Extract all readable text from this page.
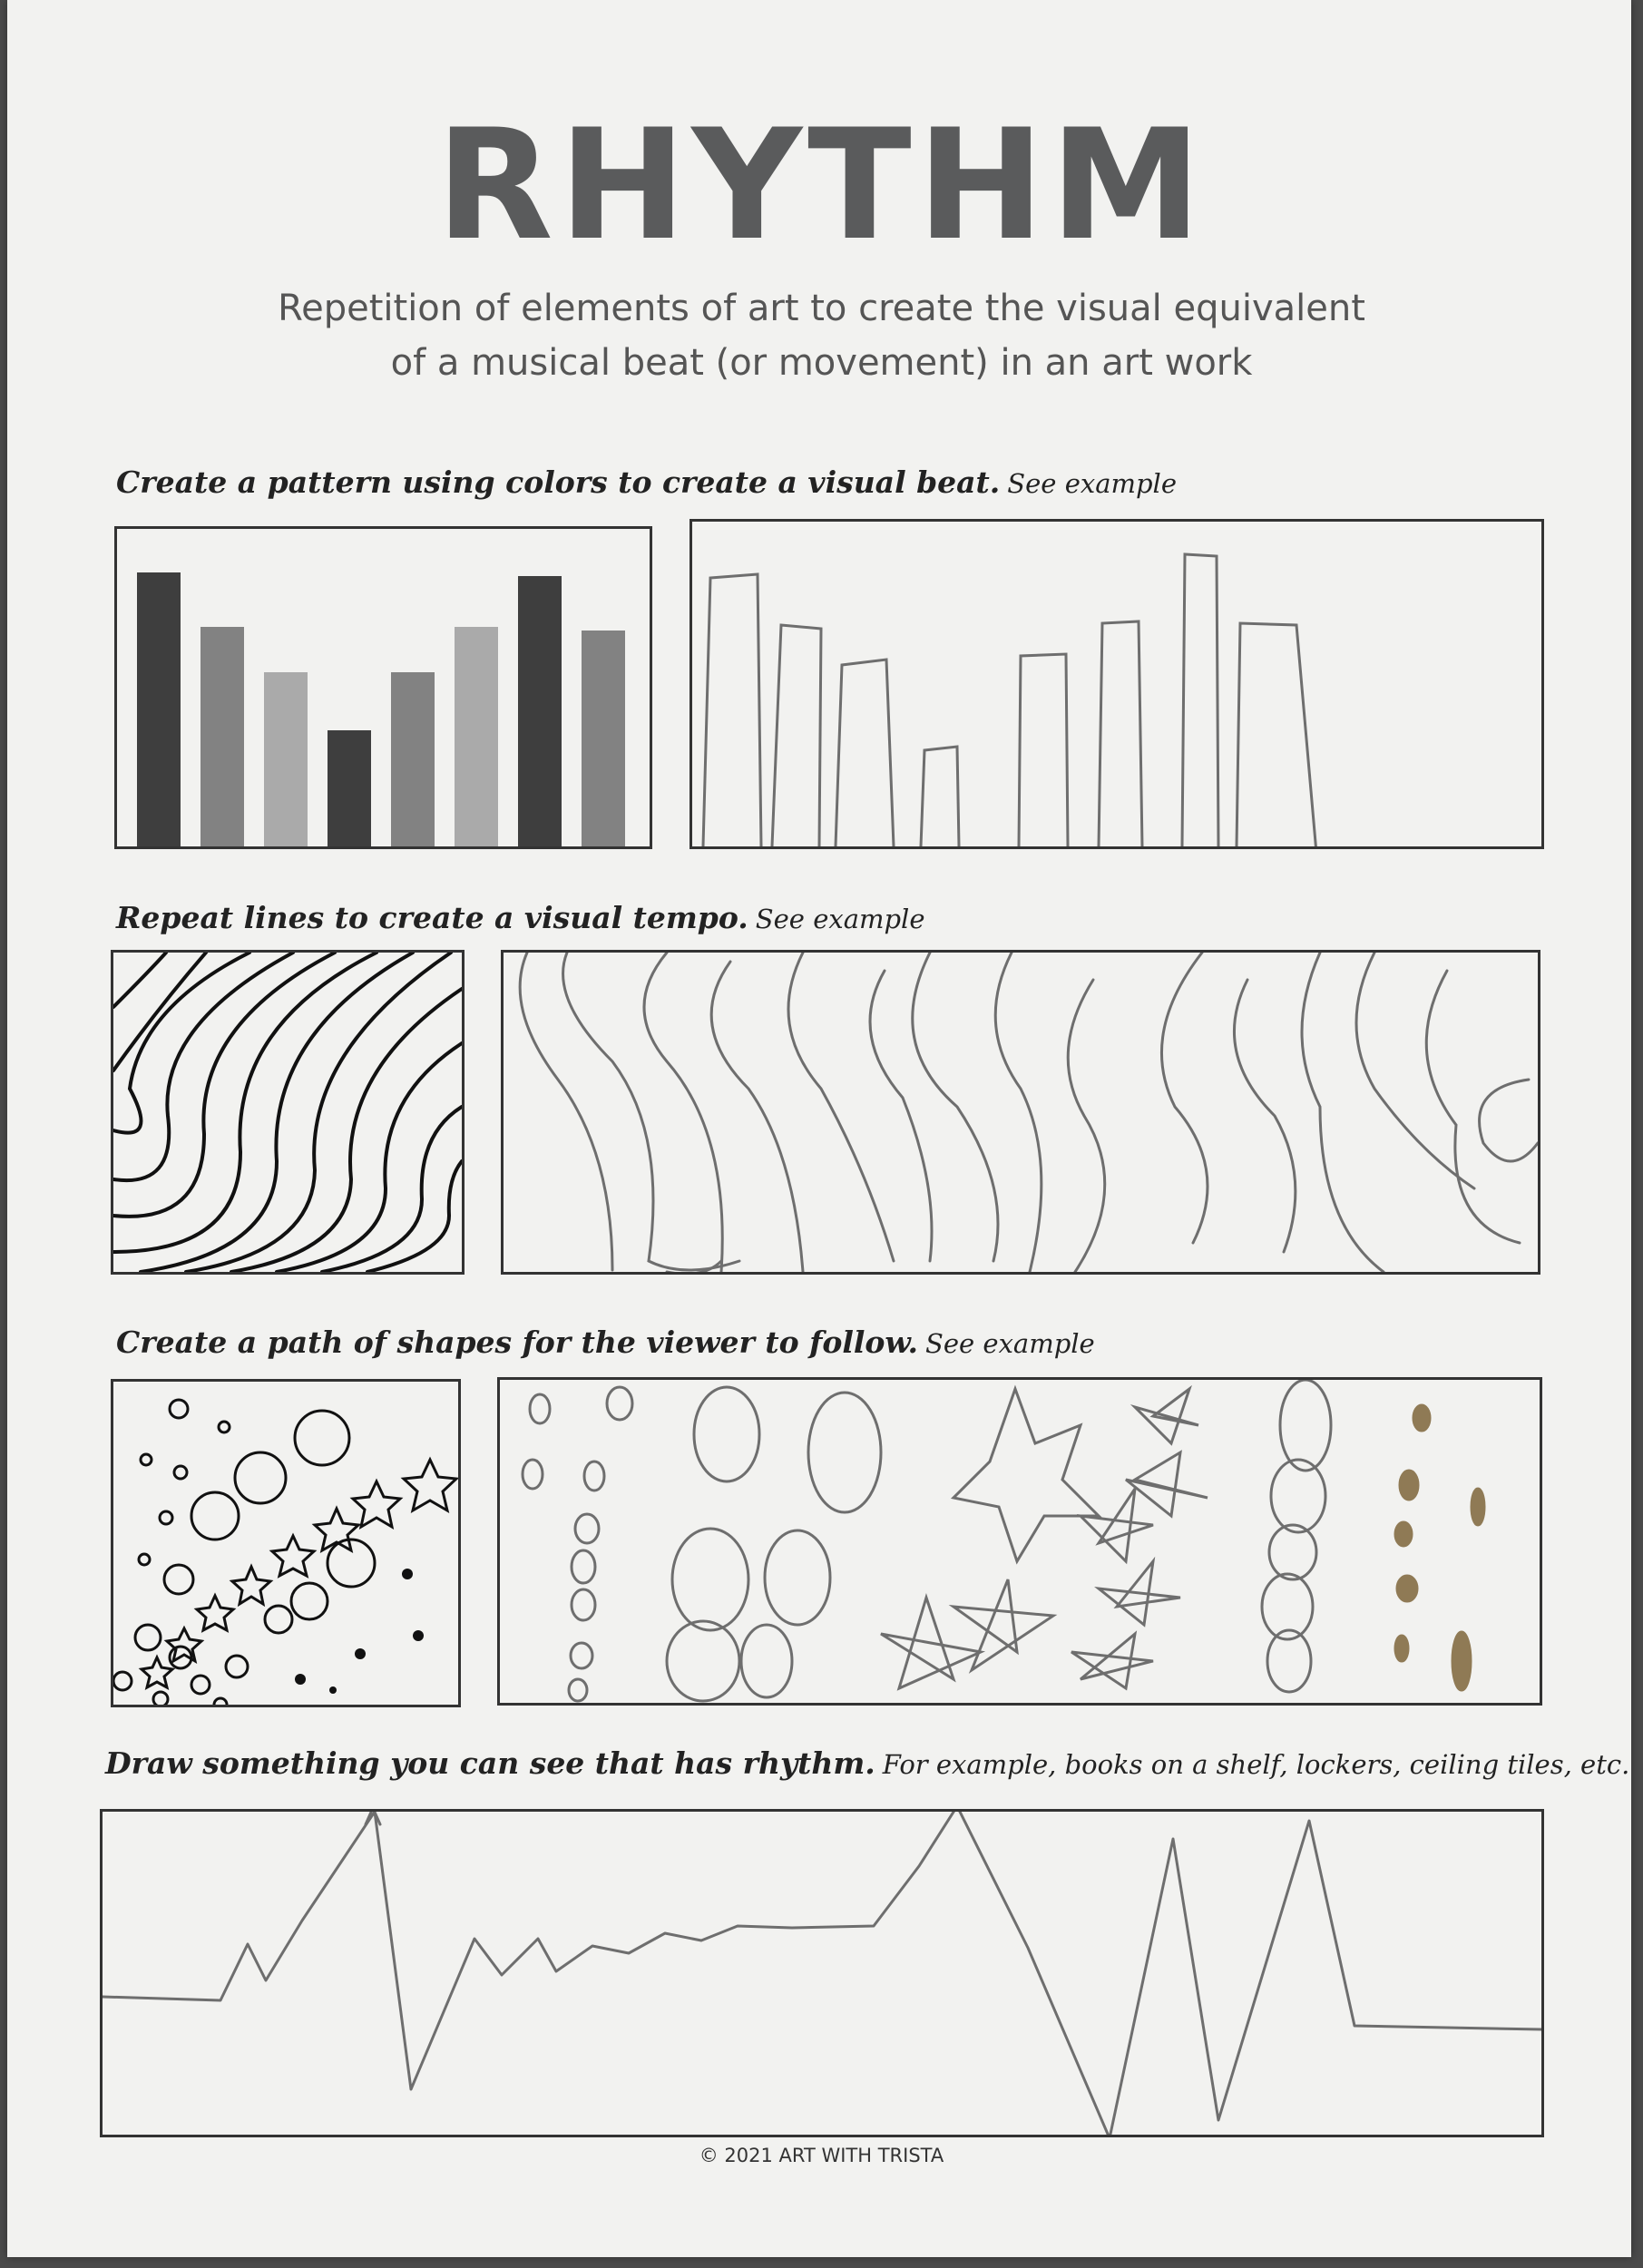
RHYTHM
Repetition of elements of art to create the visual equivalent
of a musical beat (or movement) in an art work
Create a pattern using colors to create a visual beat. See example
Repeat lines to create a visual tempo. See example
Create a path of shapes for the viewer to follow. See example
Draw something you can see that has rhythm. For example, books on a shelf, lockers, ceiling tiles, etc.
© 2021 ART WITH TRISTA
